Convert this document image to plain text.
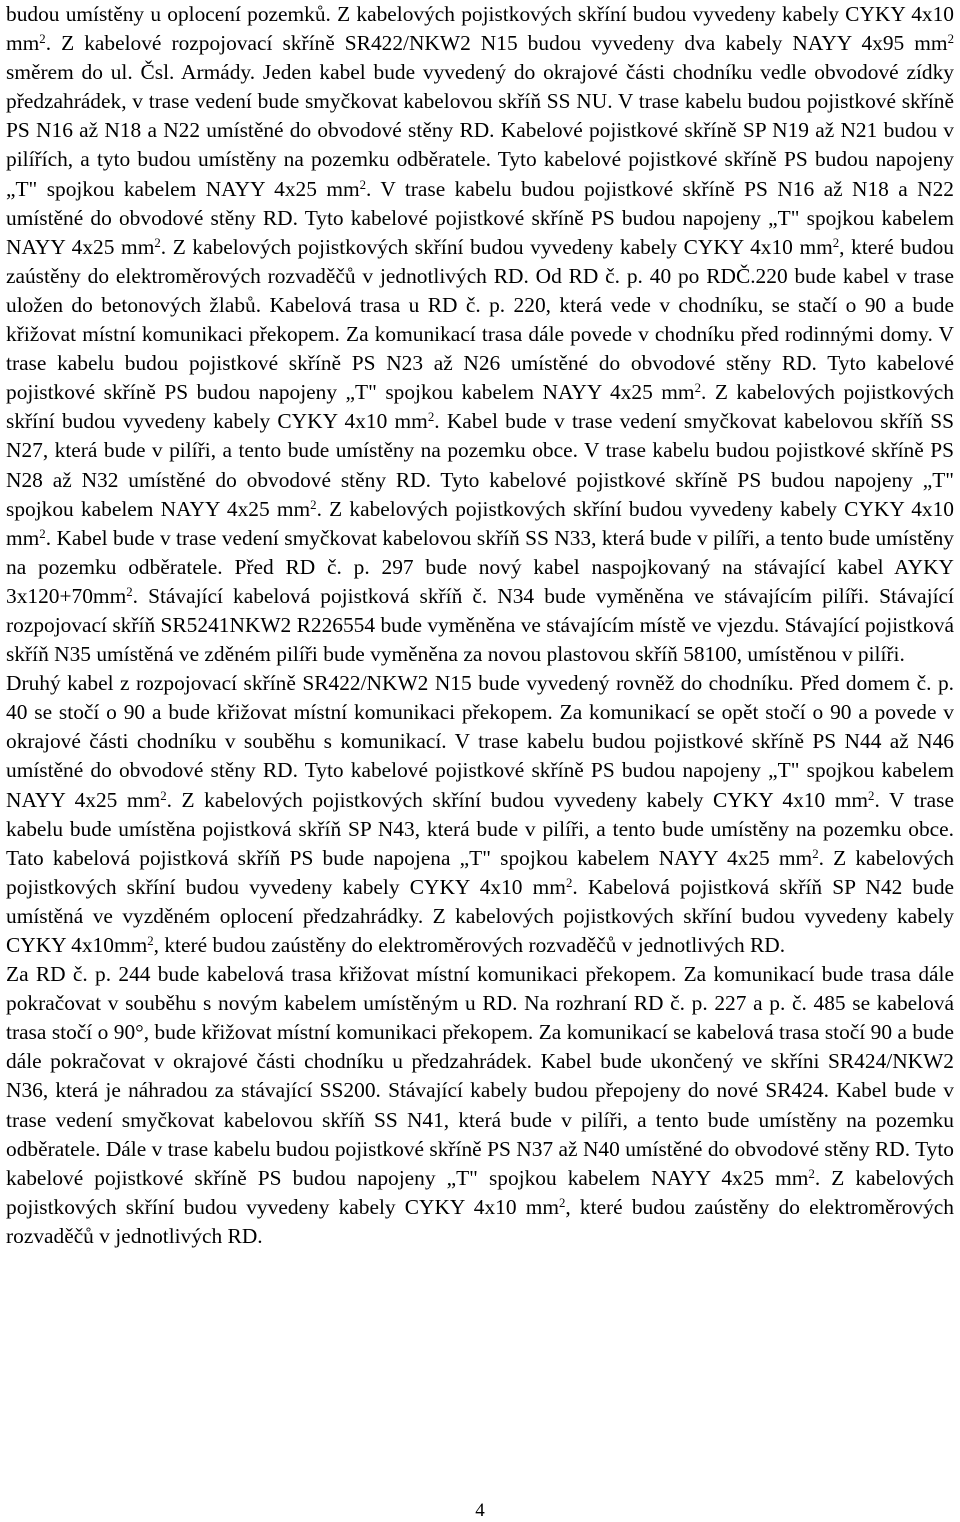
budou umístěny u oplocení pozemků. Z kabelových pojistkových skříní budou vyvedeny kabely CYKY 4x10 $mm^2$. Z kabelové rozpojovací skříně SR422/NKW2 N15 budou vyvedeny dva kabely NAYY 4x95 $mm^2$ směrem do ul. Čsl. Armády. Jeden kabel bude vyvedený do okrajové části chodníku vedle obvodové zídky předzahrádek, v trase vedení bude smyčkovat kabelovou skříň SS NU. V trase kabelu budou pojistkové skříně PS N16 až N18 a N22 umístěné do obvodové stěny RD. Kabelové pojistkové skříně SP N19 až N21 budou v pilířích, a tyto budou umístěny na pozemku odběratele. Tyto kabelové pojistkové skříně PS budou napojeny „T" spojkou kabelem NAYY 4x25 $mm^2$. V trase kabelu budou pojistkové skříně PS N16 až N18 a N22 umístěné do obvodové stěny RD. Tyto kabelové pojistkové skříně PS budou napojeny „T" spojkou kabelem NAYY 4x25 $mm^2$. Z kabelových pojistkových skříní budou vyvedeny kabely CYKY 4x10 $mm^2$, které budou zaústěny do elektroměrových rozvaděčů v jednotlivých RD. Od RD č. p. 40 po RDČ.220 bude kabel v trase uložen do betonových žlabů. Kabelová trasa u RD č. p. 220, která vede v chodníku, se stačí o 90 a bude křižovat místní komunikaci překopem. Za komunikací trasa dále povede v chodníku před rodinnými domy. V trase kabelu budou pojistkové skříně PS N23 až N26 umístěné do obvodové stěny RD. Tyto kabelové pojistkové skříně PS budou napojeny „T" spojkou kabelem NAYY 4x25 $mm^2$. Z kabelových pojistkových skříní budou vyvedeny kabely CYKY 4x10 $mm^2$. Kabel bude v trase vedení smyčkovat kabelovou skříň SS N27, která bude v pilíři, a tento bude umístěny na pozemku obce. V trase kabelu budou pojistkové skříně PS N28 až N32 umístěné do obvodové stěny RD. Tyto kabelové pojistkové skříně PS budou napojeny „T" spojkou kabelem NAYY 4x25 $mm^2$. Z kabelových pojistkových skříní budou vyvedeny kabely CYKY 4x10 $mm^2$. Kabel bude v trase vedení smyčkovat kabelovou skříň SS N33, která bude v pilíři, a tento bude umístěny na pozemku odběratele. Před RD č. p. 297 bude nový kabel naspojkovaný na stávající kabel AYKY $3x120+70mm^2$. Stávající kabelová pojistková skříň č. N34 bude vyměněna ve stávajícím pilíři. Stávající rozpojovací skříň SR5241NKW2 R226554 bude vyměněna ve stávajícím místě ve vjezdu. Stávající pojistková skříň N35 umístěná ve zděném pilíři bude vyměněna za novou plastovou skříň 58100, umístěnou v pilíři.

Druhý kabel z rozpojovací skříně SR422/NKW2 N15 bude vyvedený rovněž do chodníku. Před domem č. p. 40 se stočí o 90 a bude křižovat místní komunikaci překopem. Za komunikací se opět stočí o 90 a povede v okrajové části chodníku v souběhu s komunikací. V trase kabelu budou pojistkové skříně PS N44 až N46 umístěné do obvodové stěny RD. Tyto kabelové pojistkové skříně PS budou napojeny „T" spojkou kabelem NAYY 4x25 $mm^2$. Z kabelových pojistkových skříní budou vyvedeny kabely CYKY 4x10 $mm^2$. V trase kabelu bude umístěna pojistková skříň SP N43, která bude v pilíři, a tento bude umístěny na pozemku obce. Tato kabelová pojistková skříň PS bude napojena „T" spojkou kabelem NAYY 4x25 $mm^2$. Z kabelových pojistkových skříní budou vyvedeny kabely CYKY 4x10 $mm^2$. Kabelová pojistková skříň SP N42 bude umístěná ve vyzděném oplocení předzahrádky. Z kabelových pojistkových skříní budou vyvedeny kabely CYKY $4x10mm^2$, které budou zaústěny do elektroměrových rozvaděčů v jednotlivých RD.

Za RD č. p. 244 bude kabelová trasa křižovat místní komunikaci překopem. Za komunikací bude trasa dále pokračovat v souběhu s novým kabelem umístěným u RD. Na rozhraní RD č. p. 227 a p. č. 485 se kabelová trasa stočí o 90°, bude křižovat místní komunikaci překopem. Za komunikací se kabelová trasa stočí 90 a bude dále pokračovat v okrajové části chodníku u předzahrádek. Kabel bude ukončený ve skříni SR424/NKW2 N36, která je náhradou za stávající SS200. Stávající kabely budou přepojeny do nové SR424. Kabel bude v trase vedení smyčkovat kabelovou skříň SS N41, která bude v pilíři, a tento bude umístěny na pozemku odběratele. Dále v trase kabelu budou pojistkové skříně PS N37 až N40 umístěné do obvodové stěny RD. Tyto kabelové pojistkové skříně PS budou napojeny „T" spojkou kabelem NAYY 4x25 $mm^2$. Z kabelových pojistkových skříní budou vyvedeny kabely CYKY 4x10 $mm^2$, které budou zaústěny do elektroměrových rozvaděčů v jednotlivých RD.

4
